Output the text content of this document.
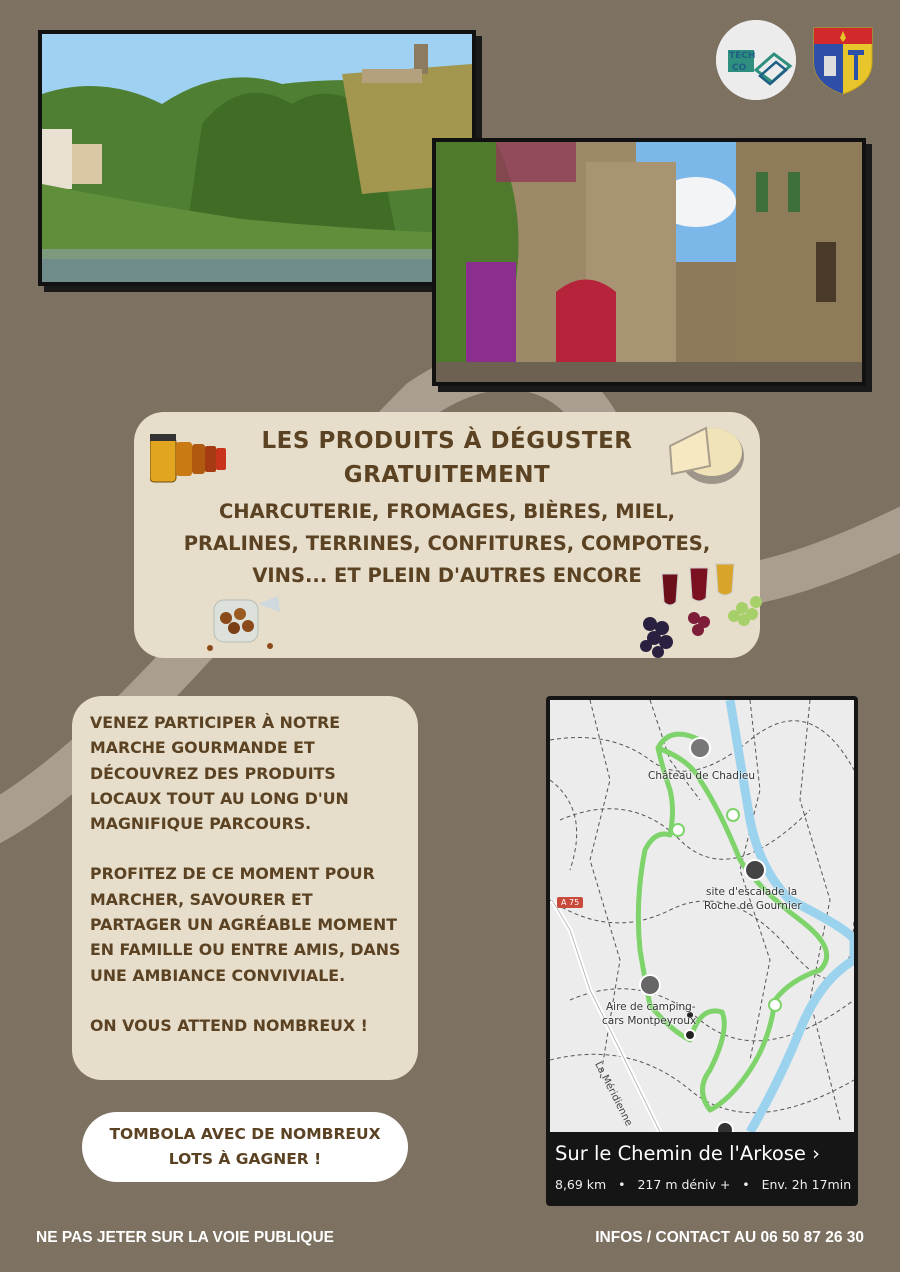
TECH
CO
LES PRODUITS À DÉGUSTER
GRATUITEMENT
CHARCUTERIE, FROMAGES, BIÈRES, MIEL,
PRALINES, TERRINES, CONFITURES, COMPOTES,
VINS... ET PLEIN D'AUTRES ENCORE
VENEZ PARTICIPER À NOTRE MARCHE GOURMANDE ET DÉCOUVREZ DES PRODUITS LOCAUX TOUT AU LONG D'UN MAGNIFIQUE PARCOURS.
PROFITEZ DE CE MOMENT POUR MARCHER, SAVOURER ET PARTAGER UN AGRÉABLE MOMENT EN FAMILLE OU ENTRE AMIS, DANS UNE AMBIANCE CONVIVIALE.
ON VOUS ATTEND NOMBREUX !
TOMBOLA AVEC DE NOMBREUX LOTS À GAGNER !
Château de Chadieu
site d'escalade la
Roche de Gournier
Aire de camping-
cars Montpeyroux
A 75
La Méridienne
Sur le Chemin de l'Arkose ›
8,69 km   •   217 m déniv +   •   Env. 2h 17min
NE PAS JETER SUR LA VOIE PUBLIQUE	INFOS / CONTACT AU 06 50 87 26 30
